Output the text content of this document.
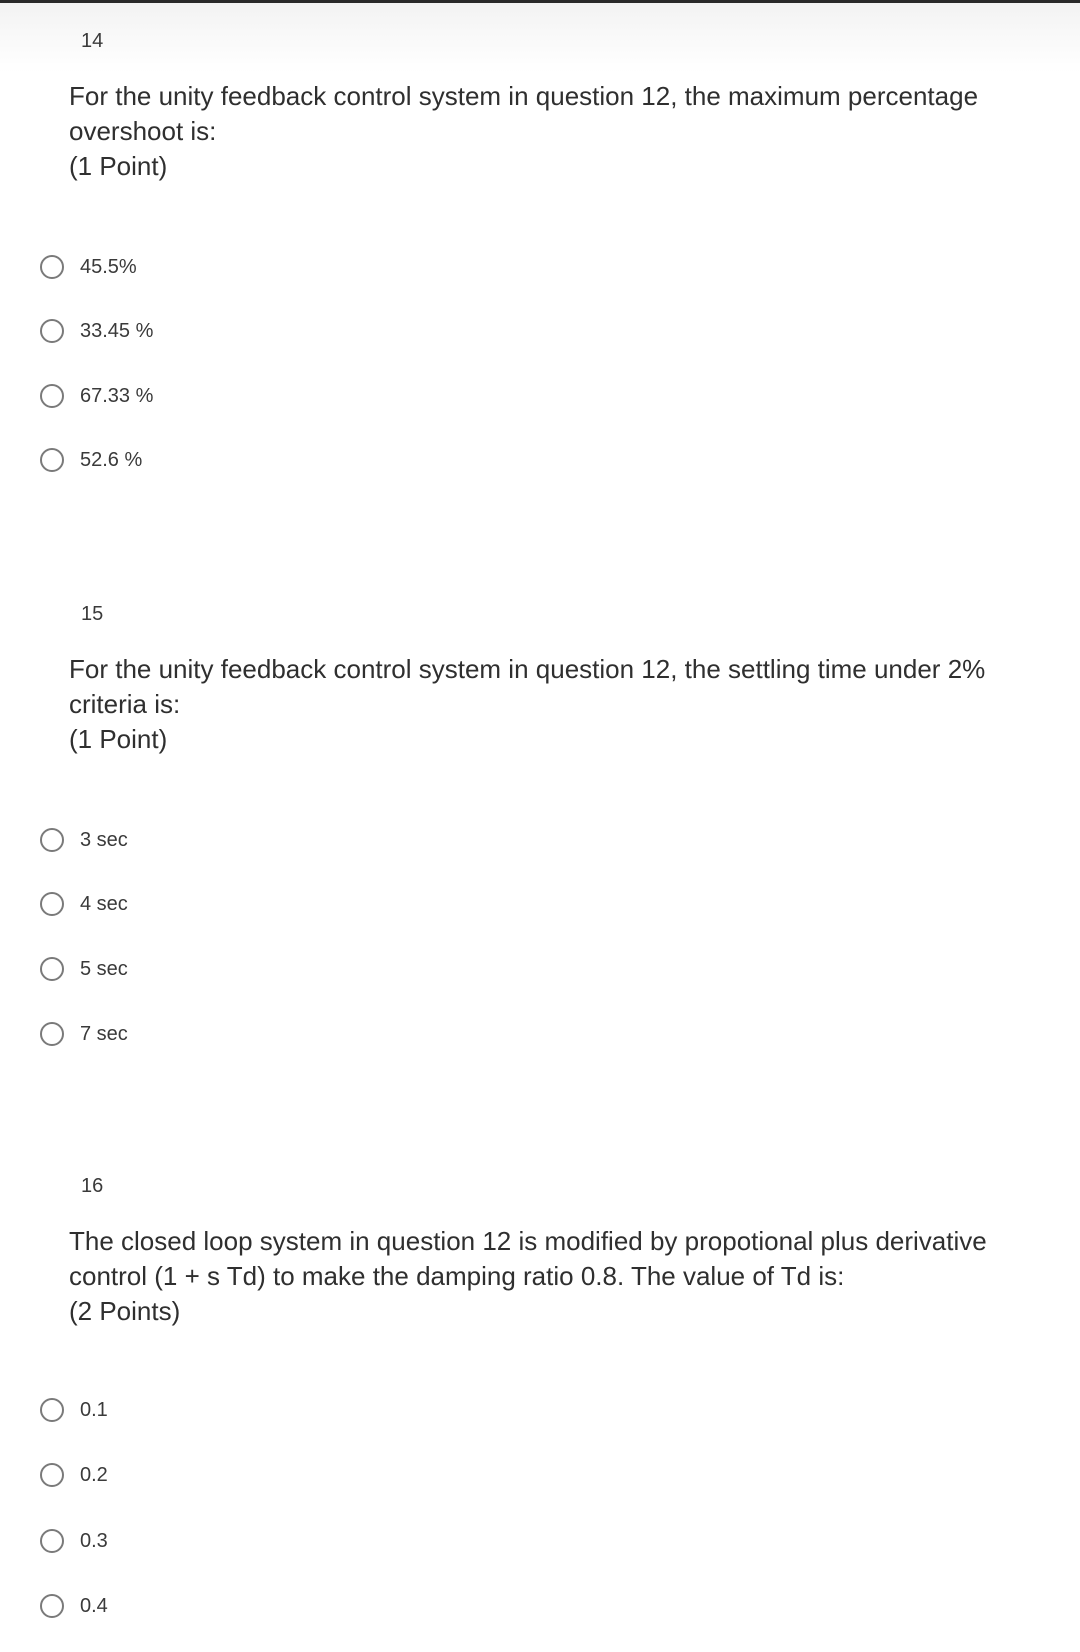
14
For the unity feedback control system in question 12, the maximum percentage overshoot is:
(1 Point)
45.5%
33.45 %
67.33 %
52.6 %
15
For the unity feedback control system in question 12, the settling time under 2% criteria is:
(1 Point)
3 sec
4 sec
5 sec
7 sec
16
The closed loop system in question 12 is modified by propotional plus derivative control (1 + s Td) to make the damping ratio 0.8. The value of Td is:
(2 Points)
0.1
0.2
0.3
0.4
